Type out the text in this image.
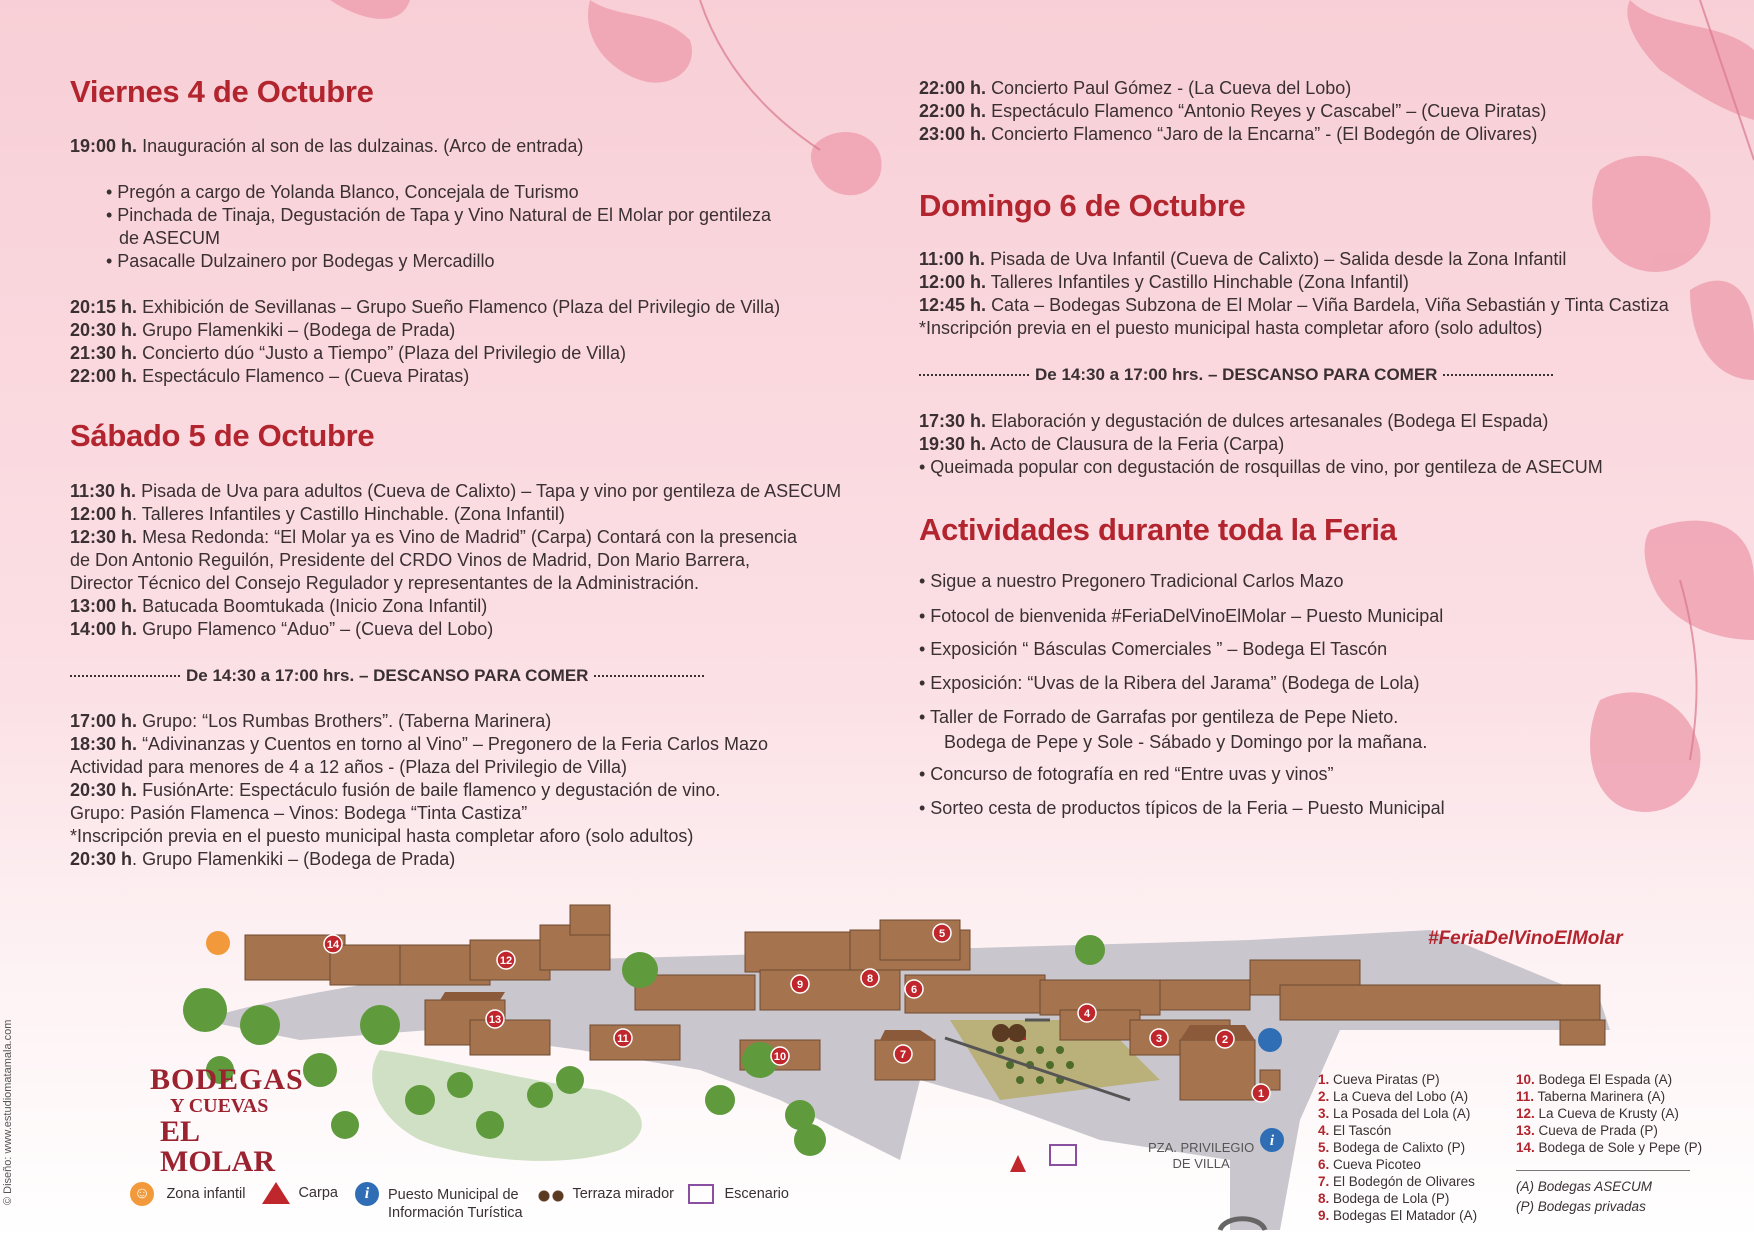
Viernes 4 de Octubre
19:00 h. Inauguración al son de las dulzainas. (Arco de entrada)
• Pregón a cargo de Yolanda Blanco, Concejala de Turismo
• Pinchada de Tinaja, Degustación de Tapa y Vino Natural de El Molar por gentileza
de ASECUM
• Pasacalle Dulzainero por Bodegas y Mercadillo
20:15 h. Exhibición de Sevillanas – Grupo Sueño Flamenco (Plaza del Privilegio de Villa)
20:30 h. Grupo Flamenkiki – (Bodega de Prada)
21:30 h. Concierto dúo “Justo a Tiempo” (Plaza del Privilegio de Villa)
22:00 h. Espectáculo Flamenco – (Cueva Piratas)
Sábado 5 de Octubre
11:30 h. Pisada de Uva para adultos (Cueva de Calixto) – Tapa y vino por gentileza de ASECUM
12:00 h. Talleres Infantiles y Castillo Hinchable. (Zona Infantil)
12:30 h. Mesa Redonda: “El Molar ya es Vino de Madrid” (Carpa) Contará con la presencia
de Don Antonio Reguilón, Presidente del CRDO Vinos de Madrid, Don Mario Barrera,
Director Técnico del Consejo Regulador y representantes de la Administración.
13:00 h. Batucada Boomtukada (Inicio Zona Infantil)
14:00 h. Grupo Flamenco “Aduo” – (Cueva del Lobo)
De 14:30 a 17:00 hrs. – DESCANSO PARA COMER
17:00 h. Grupo: “Los Rumbas Brothers”. (Taberna Marinera)
18:30 h. “Adivinanzas y Cuentos en torno al Vino” – Pregonero de la Feria Carlos Mazo
Actividad para menores de 4 a 12 años - (Plaza del Privilegio de Villa)
20:30 h. FusiónArte: Espectáculo fusión de baile flamenco y degustación de vino.
Grupo: Pasión Flamenca – Vinos: Bodega “Tinta Castiza”
*Inscripción previa en el puesto municipal hasta completar aforo (solo adultos)
20:30 h. Grupo Flamenkiki – (Bodega de Prada)
22:00 h. Concierto Paul Gómez - (La Cueva del Lobo)
22:00 h. Espectáculo Flamenco “Antonio Reyes y Cascabel” – (Cueva Piratas)
23:00 h. Concierto Flamenco “Jaro de la Encarna” - (El Bodegón de Olivares)
Domingo 6 de Octubre
11:00 h. Pisada de Uva Infantil (Cueva de Calixto) – Salida desde la Zona Infantil
12:00 h. Talleres Infantiles y Castillo Hinchable (Zona Infantil)
12:45 h. Cata – Bodegas Subzona de El Molar – Viña Bardela, Viña Sebastián y Tinta Castiza
*Inscripción previa en el puesto municipal hasta completar aforo (solo adultos)
De 14:30 a 17:00 hrs. – DESCANSO PARA COMER
17:30 h. Elaboración y degustación de dulces artesanales (Bodega El Espada)
19:30 h. Acto de Clausura de la Feria (Carpa)
• Queimada popular con degustación de rosquillas de vino, por gentileza de ASECUM
Actividades durante toda la Feria
• Sigue a nuestro Pregonero Tradicional Carlos Mazo
• Fotocol de bienvenida #FeriaDelVinoElMolar – Puesto Municipal
• Exposición “ Básculas Comerciales ” – Bodega El Tascón
• Exposición: “Uvas de la Ribera del Jarama” (Bodega de Lola)
• Taller de Forrado de Garrafas por gentileza de Pepe Nieto.
Bodega de Pepe y Sole - Sábado y Domingo por la mañana.
• Concurso de fotografía en red “Entre uvas y vinos”
• Sorteo cesta de productos típicos de la Feria – Puesto Municipal
1
2
3
4
5
6
7
8
9
10
11
12
13
14
i
#FeriaDelVinoElMolar
PZA. PRIVILEGIO
DE VILLA
BODEGAS
Y CUEVAS
EL MOLAR
© Diseño: www.estudiomatamala.com	☺ Zona infantil	Carpa	i	Puesto Municipal de
Información Turística
Terraza mirador	Escenario
1. Cueva Piratas (P)
2. La Cueva del Lobo (A)
3. La Posada del Lola (A)
4. El Tascón
5. Bodega de Calixto (P)
6. Cueva Picoteo
7. El Bodegón de Olivares
8. Bodega de Lola (P)
9. Bodegas El Matador (A)
10. Bodega El Espada (A)
11. Taberna Marinera (A)
12. La Cueva de Krusty (A)
13. Cueva de Prada (P)
14. Bodega de Sole y Pepe (P)
(A) Bodegas ASECUM
(P) Bodegas privadas
